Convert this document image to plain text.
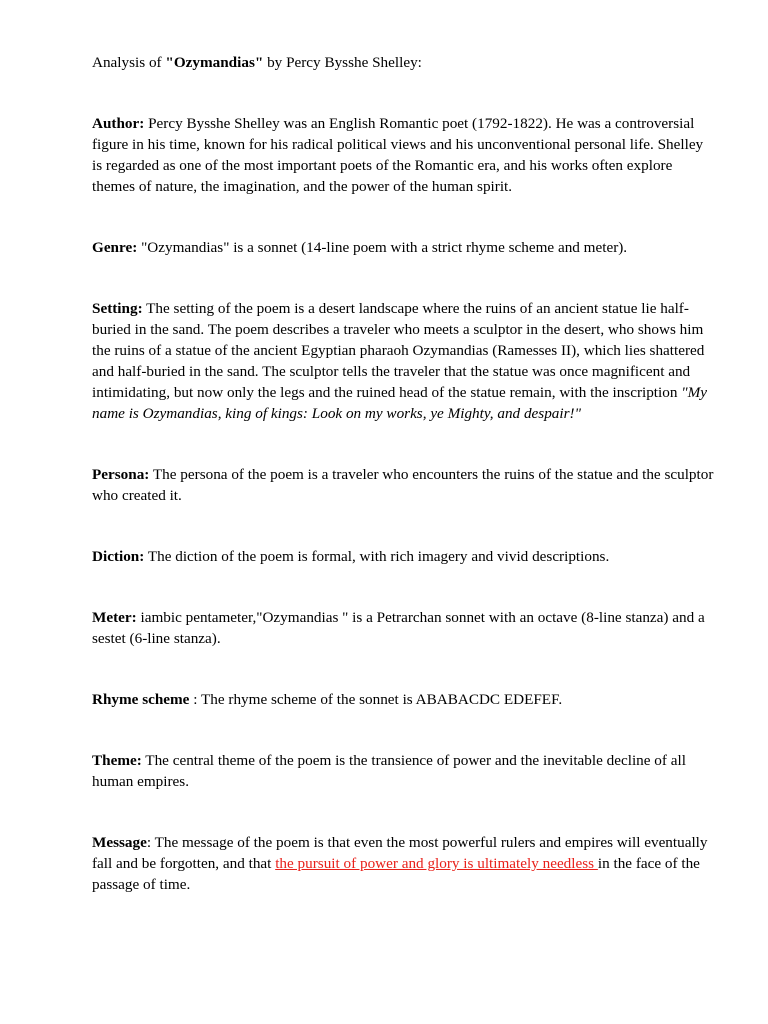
Analysis of "Ozymandias" by Percy Bysshe Shelley:

Author: Percy Bysshe Shelley was an English Romantic poet (1792-1822). He was a controversial figure in his time, known for his radical political views and his unconventional personal life. Shelley is regarded as one of the most important poets of the Romantic era, and his works often explore themes of nature, the imagination, and the power of the human spirit.

Genre: "Ozymandias" is a sonnet (14-line poem with a strict rhyme scheme and meter).

Setting: The setting of the poem is a desert landscape where the ruins of an ancient statue lie half-buried in the sand. The poem describes a traveler who meets a sculptor in the desert, who shows him the ruins of a statue of the ancient Egyptian pharaoh Ozymandias (Ramesses II), which lies shattered and half-buried in the sand. The sculptor tells the traveler that the statue was once magnificent and intimidating, but now only the legs and the ruined head of the statue remain, with the inscription "My name is Ozymandias, king of kings: Look on my works, ye Mighty, and despair!"

Persona: The persona of the poem is a traveler who encounters the ruins of the statue and the sculptor who created it.

Diction: The diction of the poem is formal, with rich imagery and vivid descriptions.

Meter: iambic pentameter,"Ozymandias " is a Petrarchan sonnet with an octave (8-line stanza) and a sestet (6-line stanza).

Rhyme scheme : The rhyme scheme of the sonnet is ABABACDC EDEFEF.

Theme: The central theme of the poem is the transience of power and the inevitable decline of all human empires.

Message: The message of the poem is that even the most powerful rulers and empires will eventually fall and be forgotten, and that the pursuit of power and glory is ultimately needless in the face of the passage of time.
